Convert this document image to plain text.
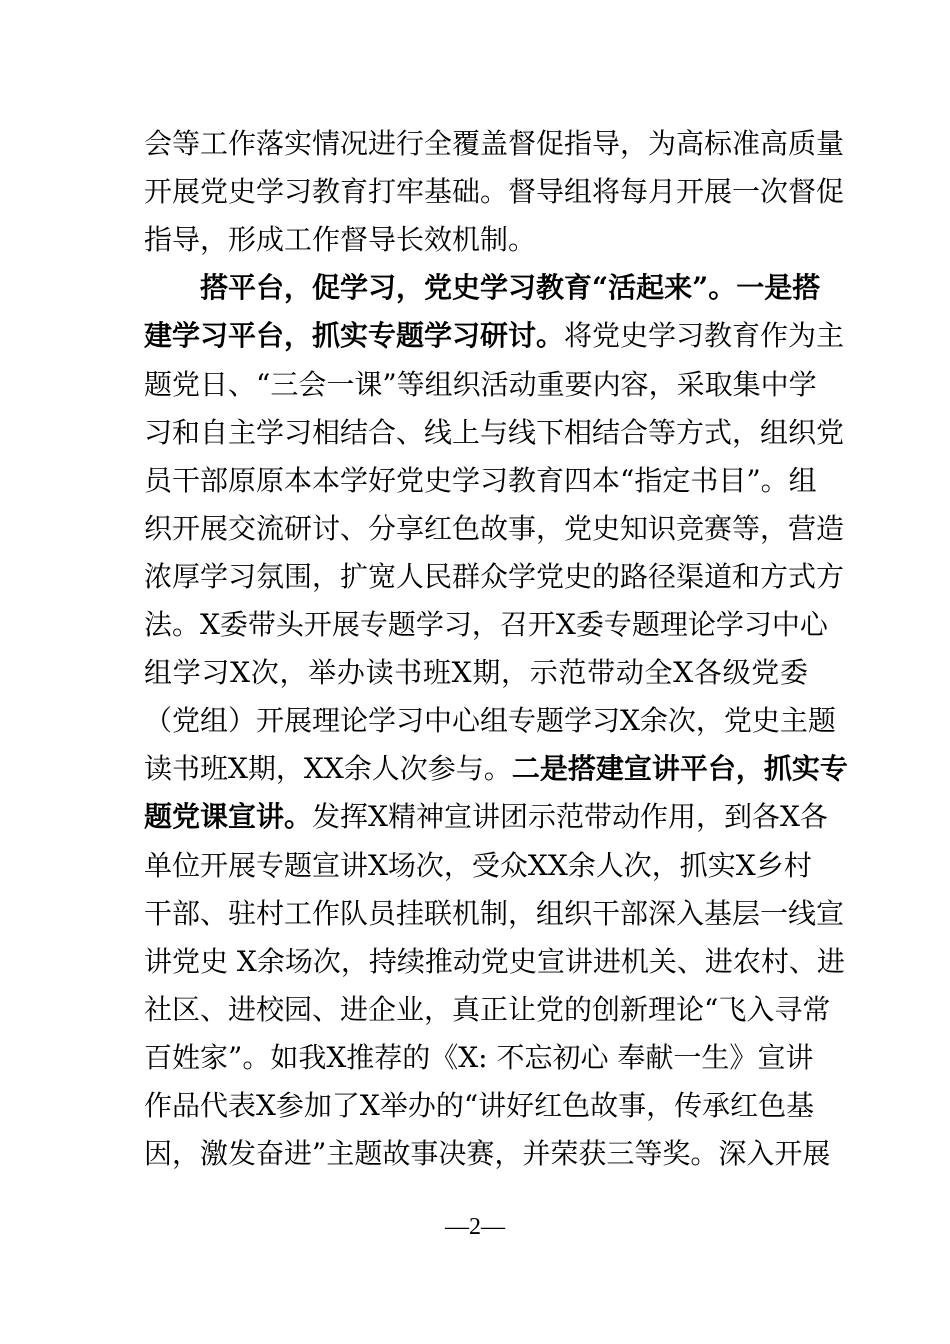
会等工作落实情况进行全覆盖督促指导，为高标准高质量
开展党史学习教育打牢基础。督导组将每月开展一次督促
指导，形成工作督导长效机制。
搭平台，促学习，党史学习教育“活起来”。一是搭
建学习平台，抓实专题学习研讨。将党史学习教育作为主
题党日、“三会一课”等组织活动重要内容，采取集中学
习和自主学习相结合、线上与线下相结合等方式，组织党
员干部原原本本学好党史学习教育四本“指定书目”。组
织开展交流研讨、分享红色故事，党史知识竞赛等，营造
浓厚学习氛围，扩宽人民群众学党史的路径渠道和方式方
法。X委带头开展专题学习，召开X委专题理论学习中心
组学习X次，举办读书班X期，示范带动全X各级党委
（党组）开展理论学习中心组专题学习X余次，党史主题
读书班X期，XX余人次参与。二是搭建宣讲平台，抓实专
题党课宣讲。发挥X精神宣讲团示范带动作用，到各X各
单位开展专题宣讲X场次，受众XX余人次，抓实X乡村
干部、驻村工作队员挂联机制，组织干部深入基层一线宣
讲党史 X余场次，持续推动党史宣讲进机关、进农村、进
社区、进校园、进企业，真正让党的创新理论“飞入寻常
百姓家”。如我X推荐的《X: 不忘初心 奉献一生》宣讲
作品代表X参加了X举办的“讲好红色故事，传承红色基
因，激发奋进”主题故事决赛，并荣获三等奖。深入开展
—2—
